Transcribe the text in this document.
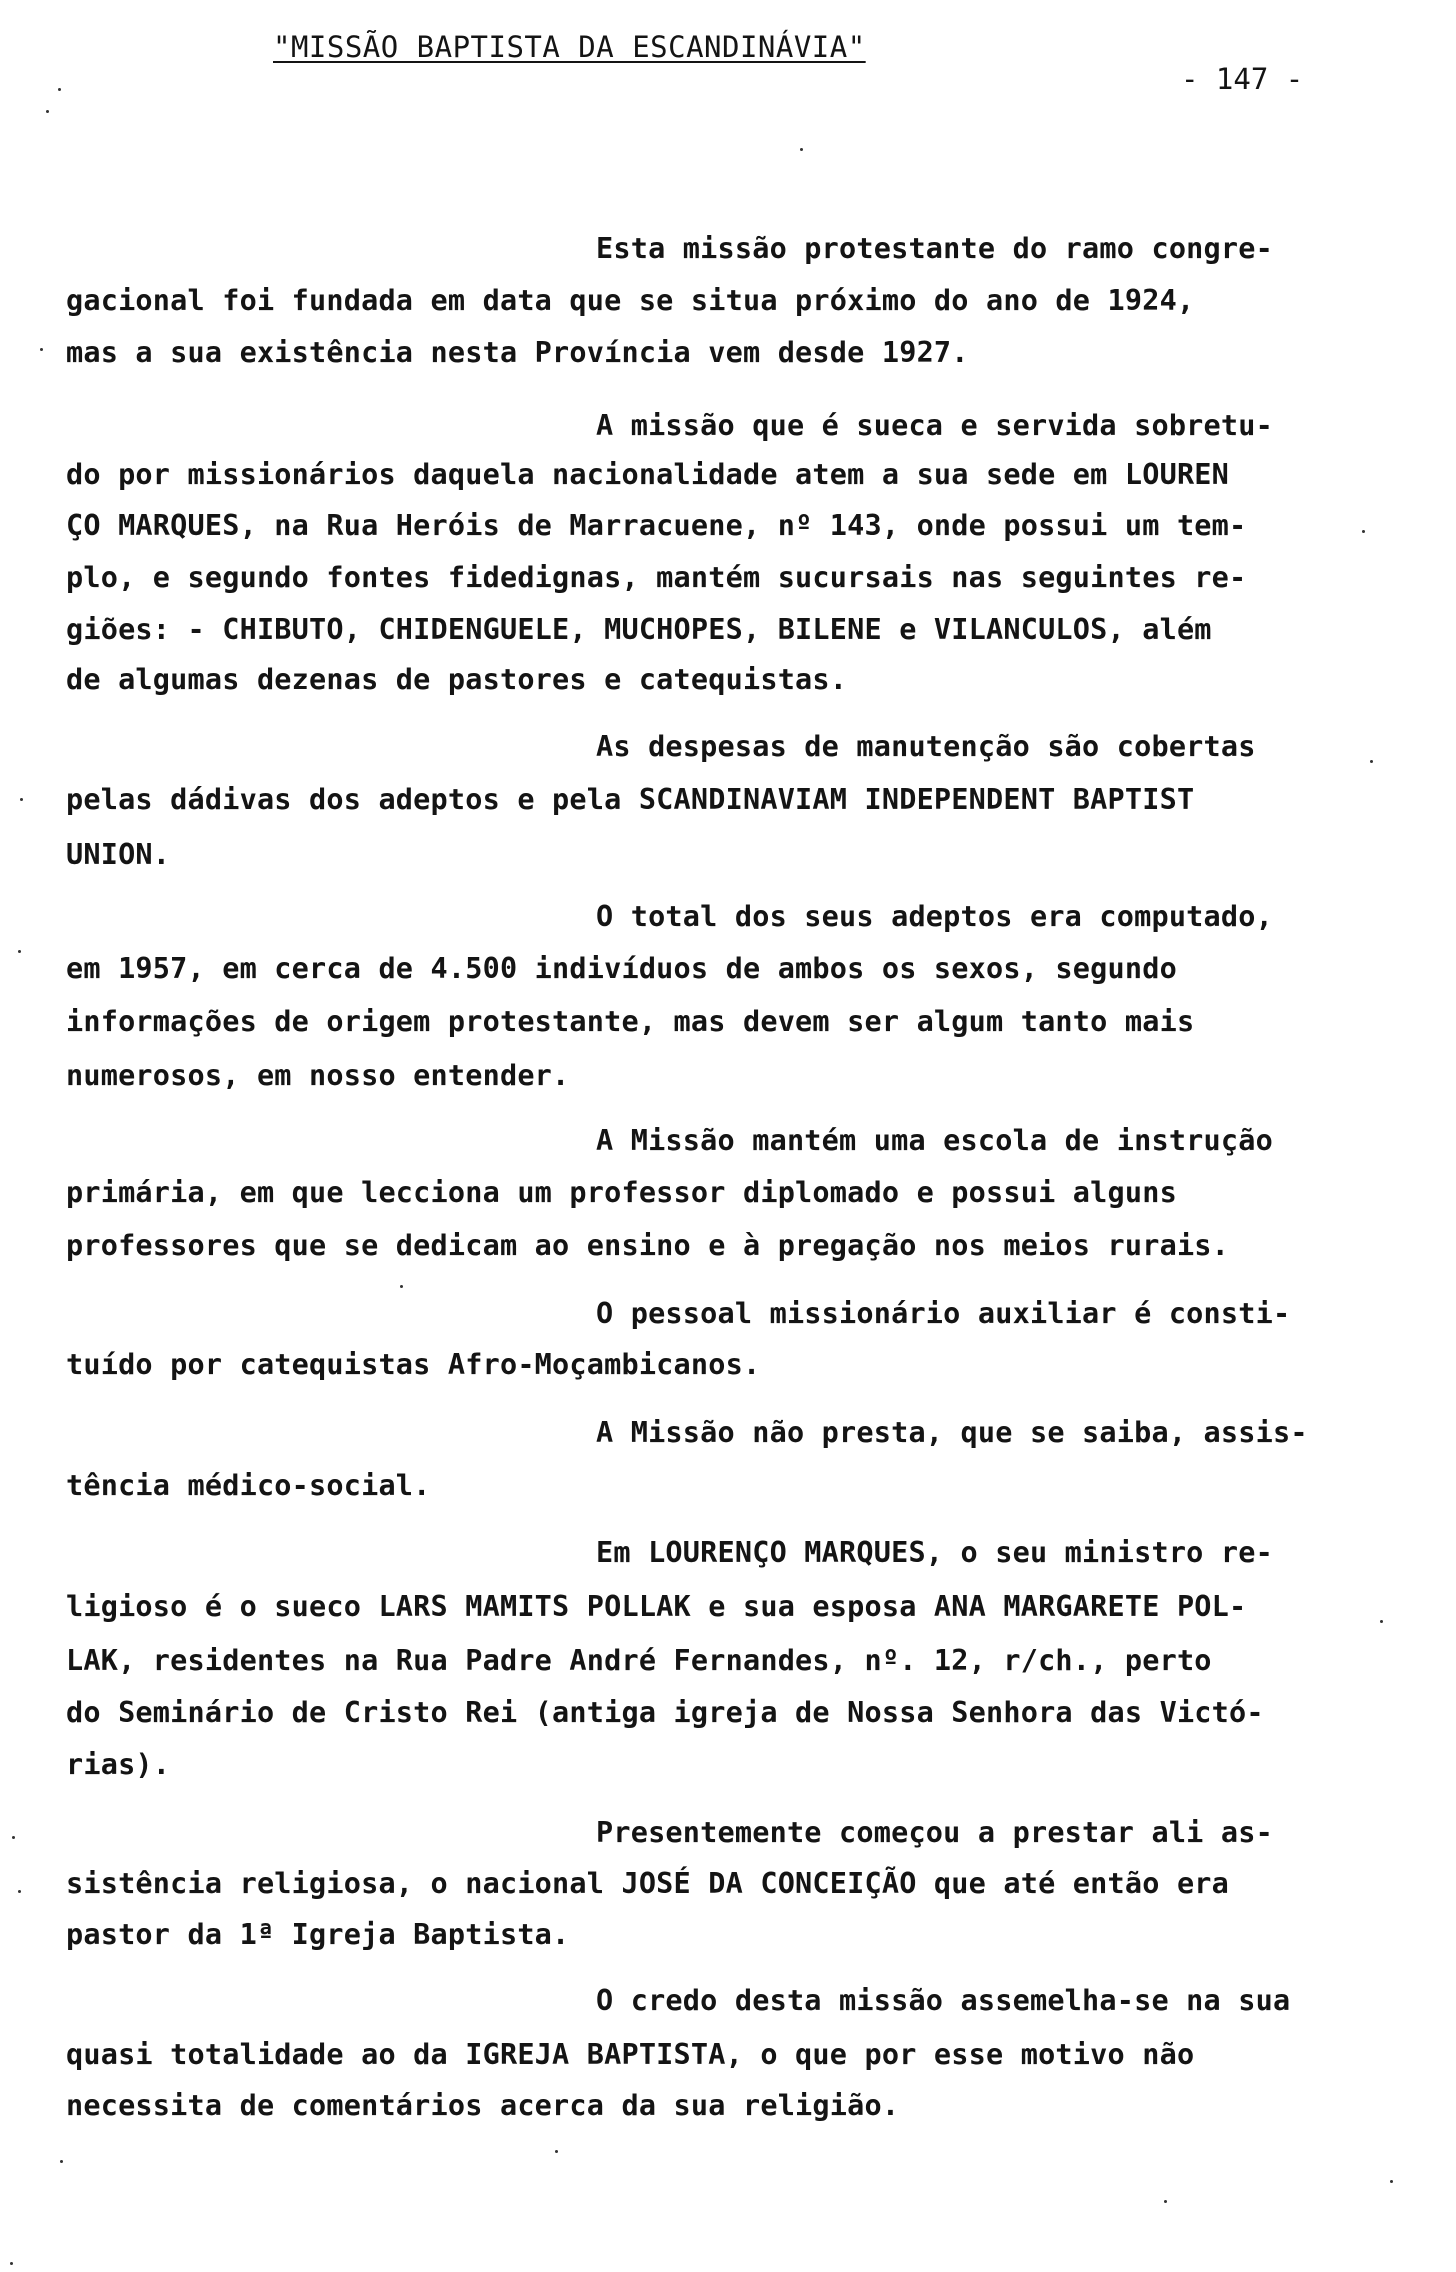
"MISSÃO BAPTISTA DA ESCANDINÁVIA"
- 147 -
Esta missão protestante do ramo congre-
gacional foi fundada em data que se situa próximo do ano de 1924,
mas a sua existência nesta Província vem desde 1927.
A missão que é sueca e servida sobretu-
do por missionários daquela nacionalidade atem a sua sede em LOUREN
ÇO MARQUES, na Rua Heróis de Marracuene, nº 143, onde possui um tem-
plo, e segundo fontes fidedignas, mantém sucursais nas seguintes re-
giões: - CHIBUTO, CHIDENGUELE, MUCHOPES, BILENE e VILANCULOS, além
de algumas dezenas de pastores e catequistas.
As despesas de manutenção são cobertas
pelas dádivas dos adeptos e pela SCANDINAVIAM INDEPENDENT BAPTIST
UNION.
O total dos seus adeptos era computado,
em 1957, em cerca de 4.500 indivíduos de ambos os sexos, segundo
informações de origem protestante, mas devem ser algum tanto mais
numerosos, em nosso entender.
A Missão mantém uma escola de instrução
primária, em que lecciona um professor diplomado e possui alguns
professores que se dedicam ao ensino e à pregação nos meios rurais.
O pessoal missionário auxiliar é consti-
tuído por catequistas Afro-Moçambicanos.
A Missão não presta, que se saiba, assis-
tência médico-social.
Em LOURENÇO MARQUES, o seu ministro re-
ligioso é o sueco LARS MAMITS POLLAK e sua esposa ANA MARGARETE POL-
LAK, residentes na Rua Padre André Fernandes, nº. 12, r/ch., perto
do Seminário de Cristo Rei (antiga igreja de Nossa Senhora das Victó-
rias).
Presentemente começou a prestar ali as-
sistência religiosa, o nacional JOSÉ DA CONCEIÇÃO que até então era
pastor da 1ª Igreja Baptista.
O credo desta missão assemelha-se na sua
quasi totalidade ao da IGREJA BAPTISTA, o que por esse motivo não
necessita de comentários acerca da sua religião.
